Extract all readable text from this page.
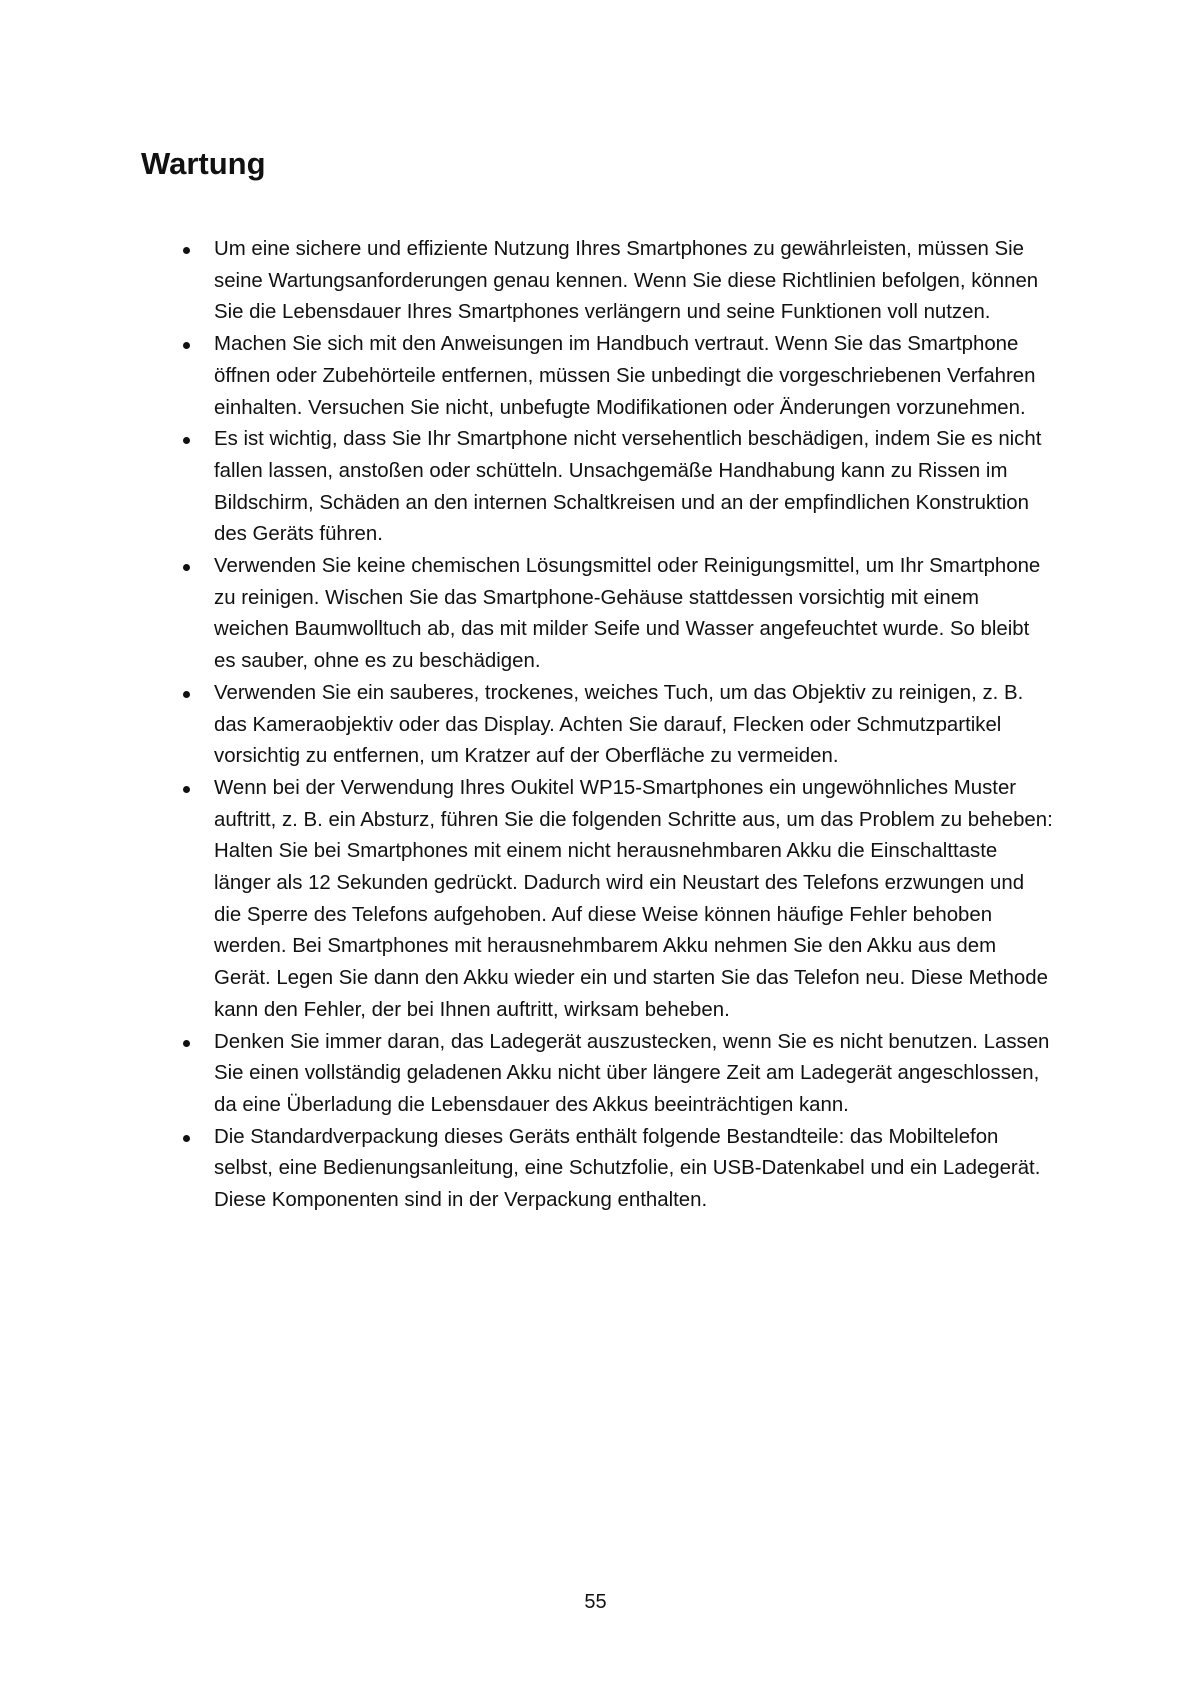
Wartung
Um eine sichere und effiziente Nutzung Ihres Smartphones zu gewährleisten, müssen Sie seine Wartungsanforderungen genau kennen. Wenn Sie diese Richtlinien befolgen, können Sie die Lebensdauer Ihres Smartphones verlängern und seine Funktionen voll nutzen.
Machen Sie sich mit den Anweisungen im Handbuch vertraut. Wenn Sie das Smartphone öffnen oder Zubehörteile entfernen, müssen Sie unbedingt die vorgeschriebenen Verfahren einhalten. Versuchen Sie nicht, unbefugte Modifikationen oder Änderungen vorzunehmen.
Es ist wichtig, dass Sie Ihr Smartphone nicht versehentlich beschädigen, indem Sie es nicht fallen lassen, anstoßen oder schütteln. Unsachgemäße Handhabung kann zu Rissen im Bildschirm, Schäden an den internen Schaltkreisen und an der empfindlichen Konstruktion des Geräts führen.
Verwenden Sie keine chemischen Lösungsmittel oder Reinigungsmittel, um Ihr Smartphone zu reinigen. Wischen Sie das Smartphone-Gehäuse stattdessen vorsichtig mit einem weichen Baumwolltuch ab, das mit milder Seife und Wasser angefeuchtet wurde. So bleibt es sauber, ohne es zu beschädigen.
Verwenden Sie ein sauberes, trockenes, weiches Tuch, um das Objektiv zu reinigen, z. B. das Kameraobjektiv oder das Display. Achten Sie darauf, Flecken oder Schmutzpartikel vorsichtig zu entfernen, um Kratzer auf der Oberfläche zu vermeiden.
Wenn bei der Verwendung Ihres Oukitel WP15-Smartphones ein ungewöhnliches Muster auftritt, z. B. ein Absturz, führen Sie die folgenden Schritte aus, um das Problem zu beheben: Halten Sie bei Smartphones mit einem nicht herausnehmbaren Akku die Einschalttaste länger als 12 Sekunden gedrückt. Dadurch wird ein Neustart des Telefons erzwungen und die Sperre des Telefons aufgehoben. Auf diese Weise können häufige Fehler behoben werden. Bei Smartphones mit herausnehmbarem Akku nehmen Sie den Akku aus dem Gerät. Legen Sie dann den Akku wieder ein und starten Sie das Telefon neu. Diese Methode kann den Fehler, der bei Ihnen auftritt, wirksam beheben.
Denken Sie immer daran, das Ladegerät auszustecken, wenn Sie es nicht benutzen. Lassen Sie einen vollständig geladenen Akku nicht über längere Zeit am Ladegerät angeschlossen, da eine Überladung die Lebensdauer des Akkus beeinträchtigen kann.
Die Standardverpackung dieses Geräts enthält folgende Bestandteile: das Mobiltelefon selbst, eine Bedienungsanleitung, eine Schutzfolie, ein USB-Datenkabel und ein Ladegerät. Diese Komponenten sind in der Verpackung enthalten.
55
